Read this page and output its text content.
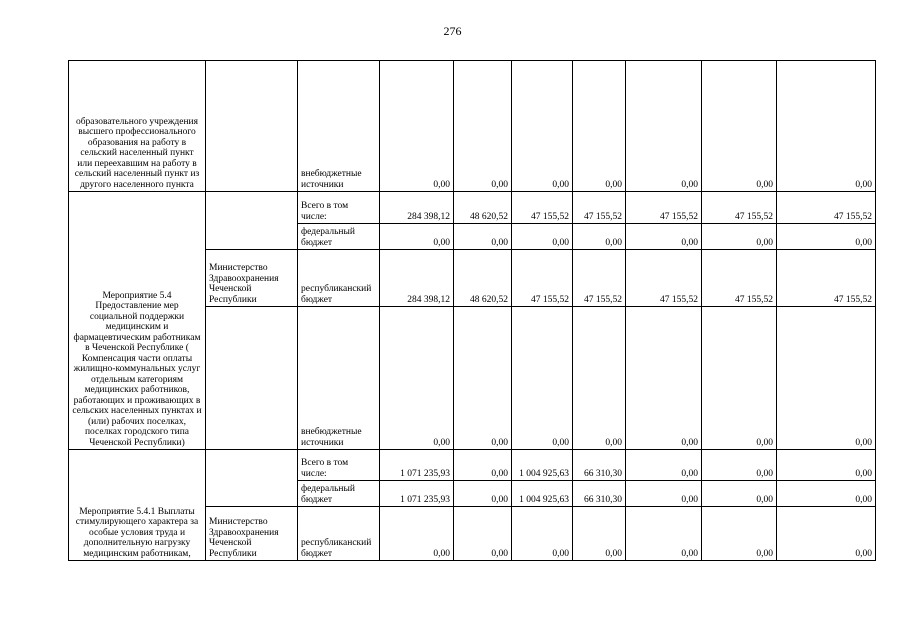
276
образовательного учреждения высшего профессионального образования на работу в сельский населенный пункт или переехавшим на работу в сельский населенный пункт из другого населенного пункта		внебюджетные источники	0,00	0,00	0,00	0,00	0,00	0,00	0,00
Мероприятие 5.4 Предоставление мер социальной поддержки медицинским и фармацевтическим работникам в Чеченской Республике ( Компенсация части оплаты жилищно-коммунальных услуг отдельным категориям медицинских работников, работающих и проживающих в сельских населенных пунктах и (или) рабочих поселках, поселках городского типа Чеченской Республики)		Всего в том числе:	284 398,12	48 620,52	47 155,52	47 155,52	47 155,52	47 155,52	47 155,52
		федеральный бюджет	0,00	0,00	0,00	0,00	0,00	0,00	0,00
	Министерство Здравоохранения Чеченской Республики	республиканский бюджет	284 398,12	48 620,52	47 155,52	47 155,52	47 155,52	47 155,52	47 155,52
		внебюджетные источники	0,00	0,00	0,00	0,00	0,00	0,00	0,00
Мероприятие 5.4.1 Выплаты стимулирующего характера за особые условия труда и дополнительную нагрузку медицинским работникам,		Всего в том числе:	1 071 235,93	0,00	1 004 925,63	66 310,30	0,00	0,00	0,00
		федеральный бюджет	1 071 235,93	0,00	1 004 925,63	66 310,30	0,00	0,00	0,00
	Министерство Здравоохранения Чеченской Республики	республиканский бюджет	0,00	0,00	0,00	0,00	0,00	0,00	0,00
